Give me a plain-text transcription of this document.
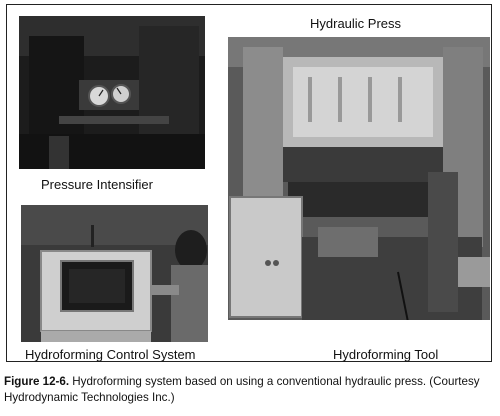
Pressure Intensifier
Hydraulic Press
Hydroforming Control System	Hydroforming Tool
Figure 12-6. Hydroforming system based on using a conventional hydraulic press. (Courtesy Hydrodynamic Technologies Inc.)
